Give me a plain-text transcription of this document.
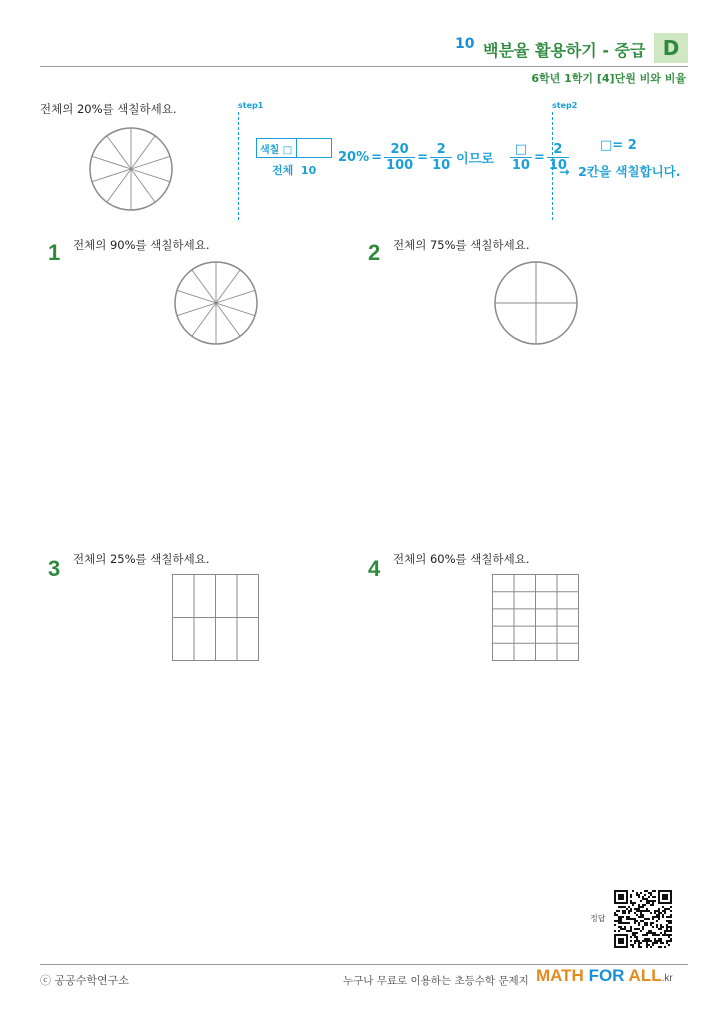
10 백분율 활용하기 - 중급 D
6학년 1학기 [4]단원 비와 비율
전체의 20%를 색칠하세요.	step1	step2
색칠 □
전체  10
$20\% = \frac{20}{100} = \frac{2}{10}$ 이므로 $\frac{□}{10} = \frac{2}{10}$ □= 2
→  2칸을 색칠합니다.
1 전체의 90%를 색칠하세요.	2 전체의 75%를 색칠하세요.
3 전체의 25%를 색칠하세요.	4 전체의 60%를 색칠하세요.
정답
ⓒ 공공수학연구소	누구나 무료로 이용하는 초등수학 문제지 MATH FOR ALL.kr
